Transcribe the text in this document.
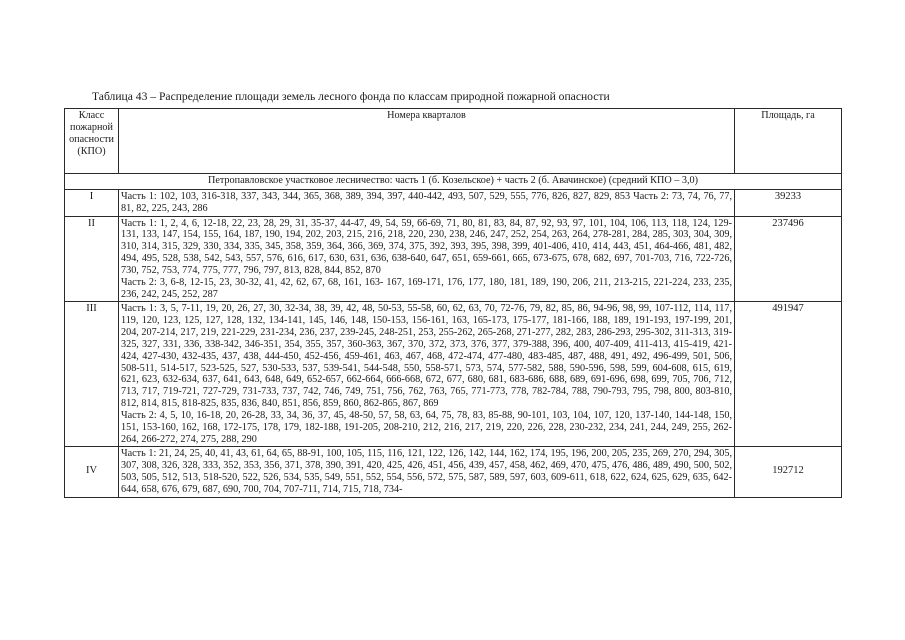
Таблица 43 – Распределение площади земель лесного фонда по классам природной пожарной опасности
Класс пожарной опасности (КПО)	Номера кварталов	Площадь, га
Петропавловское участковое лесничество: часть 1 (б. Козельское) + часть 2 (б. Авачинское) (средний КПО – 3,0)		
I	Часть 1: 102, 103, 316-318, 337, 343, 344, 365, 368, 389, 394, 397, 440-442, 493, 507, 529, 555, 776, 826, 827, 829, 853 Часть 2: 73, 74, 76, 77, 81, 82, 225, 243, 286	39233
II	Часть 1: 1, 2, 4, 6, 12-18, 22, 23, 28, 29, 31, 35-37, 44-47, 49, 54, 59, 66-69, 71, 80, 81, 83, 84, 87, 92, 93, 97, 101, 104, 106, 113, 118, 124, 129-131, 133, 147, 154, 155, 164, 187, 190, 194, 202, 203, 215, 216, 218, 220, 230, 238, 246, 247, 252, 254, 263, 264, 278-281, 284, 285, 303, 304, 309, 310, 314, 315, 329, 330, 334, 335, 345, 358, 359, 364, 366, 369, 374, 375, 392, 393, 395, 398, 399, 401-406, 410, 414, 443, 451, 464-466, 481, 482, 494, 495, 528, 538, 542, 543, 557, 576, 616, 617, 630, 631, 636, 638-640, 647, 651, 659-661, 665, 673-675, 678, 682, 697, 701-703, 716, 722-726, 730, 752, 753, 774, 775, 777, 796, 797, 813, 828, 844, 852, 870
Часть 2: 3, 6-8, 12-15, 23, 30-32, 41, 42, 62, 67, 68, 161, 163- 167, 169-171, 176, 177, 180, 181, 189, 190, 206, 211, 213-215, 221-224, 233, 235, 236, 242, 245, 252, 287	237496
III	Часть 1: 3, 5, 7-11, 19, 20, 26, 27, 30, 32-34, 38, 39, 42, 48, 50-53, 55-58, 60, 62, 63, 70, 72-76, 79, 82, 85, 86, 94-96, 98, 99, 107-112, 114, 117, 119, 120, 123, 125, 127, 128, 132, 134-141, 145, 146, 148, 150-153, 156-161, 163, 165-173, 175-177, 181-166, 188, 189, 191-193, 197-199, 201, 204, 207-214, 217, 219, 221-229, 231-234, 236, 237, 239-245, 248-251, 253, 255-262, 265-268, 271-277, 282, 283, 286-293, 295-302, 311-313, 319-325, 327, 331, 336, 338-342, 346-351, 354, 355, 357, 360-363, 367, 370, 372, 373, 376, 377, 379-388, 396, 400, 407-409, 411-413, 415-419, 421-424, 427-430, 432-435, 437, 438, 444-450, 452-456, 459-461, 463, 467, 468, 472-474, 477-480, 483-485, 487, 488, 491, 492, 496-499, 501, 506, 508-511, 514-517, 523-525, 527, 530-533, 537, 539-541, 544-548, 550, 558-571, 573, 574, 577-582, 588, 590-596, 598, 599, 604-608, 615, 619, 621, 623, 632-634, 637, 641, 643, 648, 649, 652-657, 662-664, 666-668, 672, 677, 680, 681, 683-686, 688, 689, 691-696, 698, 699, 705, 706, 712, 713, 717, 719-721, 727-729, 731-733, 737, 742, 746, 749, 751, 756, 762, 763, 765, 771-773, 778, 782-784, 788, 790-793, 795, 798, 800, 803-810, 812, 814, 815, 818-825, 835, 836, 840, 851, 856, 859, 860, 862-865, 867, 869
Часть 2: 4, 5, 10, 16-18, 20, 26-28, 33, 34, 36, 37, 45, 48-50, 57, 58, 63, 64, 75, 78, 83, 85-88, 90-101, 103, 104, 107, 120, 137-140, 144-148, 150, 151, 153-160, 162, 168, 172-175, 178, 179, 182-188, 191-205, 208-210, 212, 216, 217, 219, 220, 226, 228, 230-232, 234, 241, 244, 249, 255, 262-264, 266-272, 274, 275, 288, 290	491947
IV	Часть 1: 21, 24, 25, 40, 41, 43, 61, 64, 65, 88-91, 100, 105, 115, 116, 121, 122, 126, 142, 144, 162, 174, 195, 196, 200, 205, 235, 269, 270, 294, 305, 307, 308, 326, 328, 333, 352, 353, 356, 371, 378, 390, 391, 420, 425, 426, 451, 456, 439, 457, 458, 462, 469, 470, 475, 476, 486, 489, 490, 500, 502, 503, 505, 512, 513, 518-520, 522, 526, 534, 535, 549, 551, 552, 554, 556, 572, 575, 587, 589, 597, 603, 609-611, 618, 622, 624, 625, 629, 635, 642-644, 658, 676, 679, 687, 690, 700, 704, 707-711, 714, 715, 718, 734-	192712
